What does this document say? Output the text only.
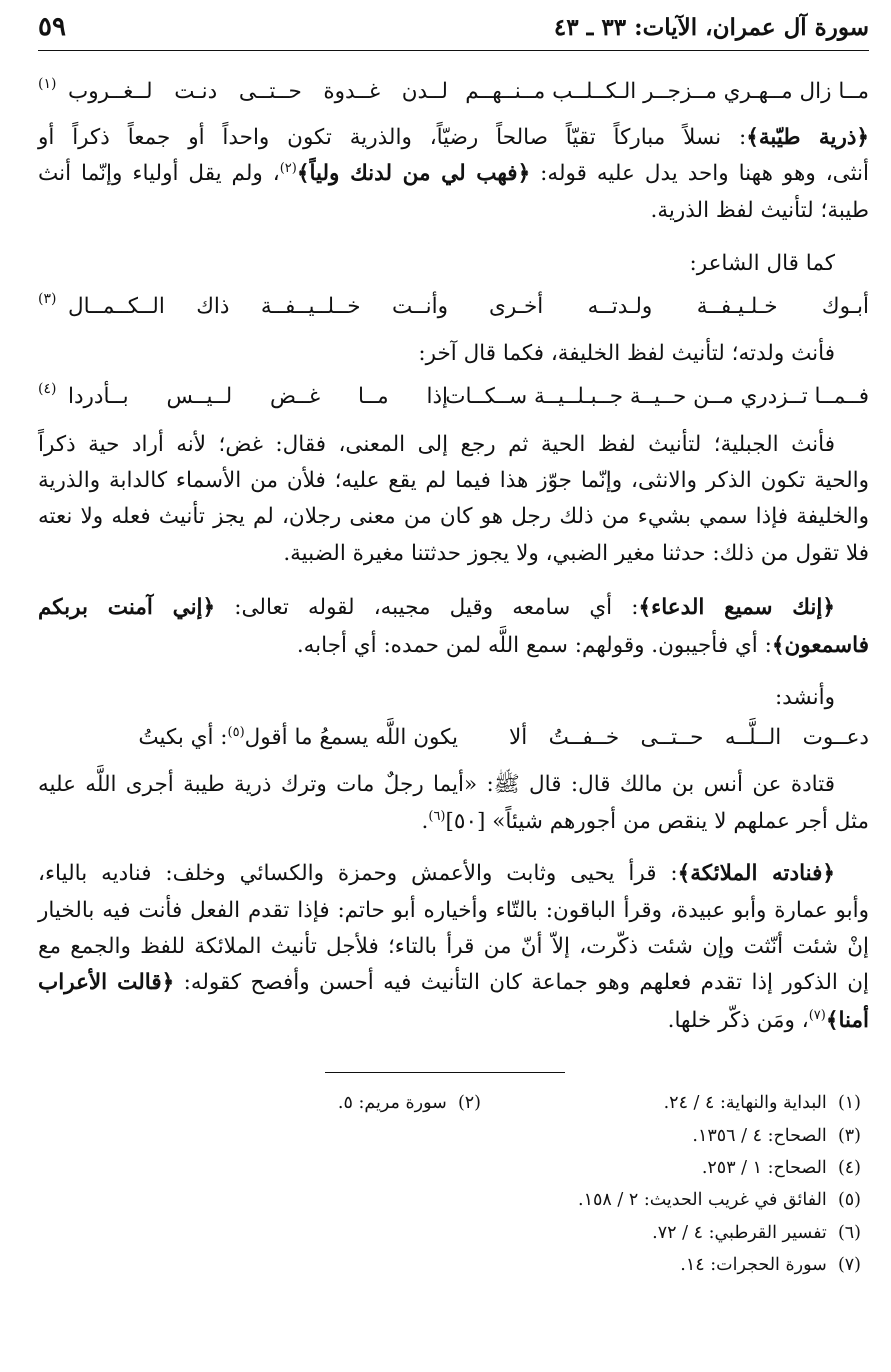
سورة آل عمران، الآيات: ٣٣ ـ ٤٣
٥٩
مــا زال مــهـري مــزجــر الـكــلــب مــنــهــم
لــدن غــدوة حــتــى دنـت لــغــروب
(١)
﴿ذرية طيّبة﴾: نسلاً مباركاً تقيّاً صالحاً رضيّاً، والذرية تكون واحداً أو جمعاً ذكراً أو
أنثى، وهو ههنا واحد يدل عليه قوله: ﴿فهب لي من لدنك ولياً﴾$^{(٢)}$، ولم يقل أولياء وإنّما أنث
طيبة؛ لتأنيث لفظ الذرية.
كما قال الشاعر:
أبـوك خـلـيـفــة ولـدتــه أخـرى
وأنــت خــلــيــفــة ذاك الــكــمــال
(٣)
فأنث ولدته؛ لتأنيث لفظ الخليفة، فكما قال آخر:
فــمــا تــزدري مــن حــيــة جــبـلــيــة ســكــات
إذا مــا غــض لــيــس بــأدردا
(٤)
فأنث الجبلية؛ لتأنيث لفظ الحية ثم رجع إلى المعنى، فقال: غض؛ لأنه أراد حية ذكراً
والحية تكون الذكر والانثى، وإنّما جوّز هذا فيما لم يقع عليه؛ فلأن من الأسماء كالدابة والذرية
والخليفة فإذا سمي بشيء من ذلك رجل هو كان من معنى رجلان، لم يجز تأنيث فعله ولا نعته
فلا تقول من ذلك: حدثنا مغير الضبي، ولا يجوز حدثتنا مغيرة الضبية.
﴿إنك سميع الدعاء﴾: أي سامعه وقيل مجيبه، لقوله تعالى: ﴿إني آمنت بربكم
فاسمعون﴾: أي فأجيبون. وقولهم: سمع اللَّه لمن حمده: أي أجابه.
وأنشد:
دعــوت الــلَّــه حــتــى خــفــتُ ألا
يكون اللَّه يسمعُ ما أقول$^{(٥)}$: أي بكيتُ
قتادة عن أنس بن مالك قال: قال ﷺ: «أيما رجلٌ مات وترك ذرية طيبة أجرى اللَّه عليه
مثل أجر عملهم لا ينقص من أجورهم شيئاً» [٥٠]$^{(٦)}$.
﴿فنادته الملائكة﴾: قرأ يحيى وثابت والأعمش وحمزة والكسائي وخلف: فناديه بالياء،
وأبو عمارة وأبو عبيدة، وقرأ الباقون: بالتّاء وأخياره أبو حاتم: فإذا تقدم الفعل فأنت فيه بالخيار
إنْ شئت أنّثت وإن شئت ذكّرت، إلاّ أنّ من قرأ بالتاء؛ فلأجل تأنيث الملائكة للفظ والجمع مع
إن الذكور إذا تقدم فعلهم وهو جماعة كان التأنيث فيه أحسن وأفصح كقوله: ﴿قالت الأعراب
أمنا﴾$^{(٧)}$، ومَن ذكّر خلها.
(١)  البداية والنهاية: ٤ / ٢٤.
(٢)  سورة مريم: ٥.
(٣)  الصحاح: ٤ / ١٣٥٦.
(٤)  الصحاح: ١ / ٢٥٣.
(٥)  الفائق في غريب الحديث: ٢ / ١٥٨.
(٦)  تفسير القرطبي: ٤ / ٧٢.
(٧)  سورة الحجرات: ١٤.
